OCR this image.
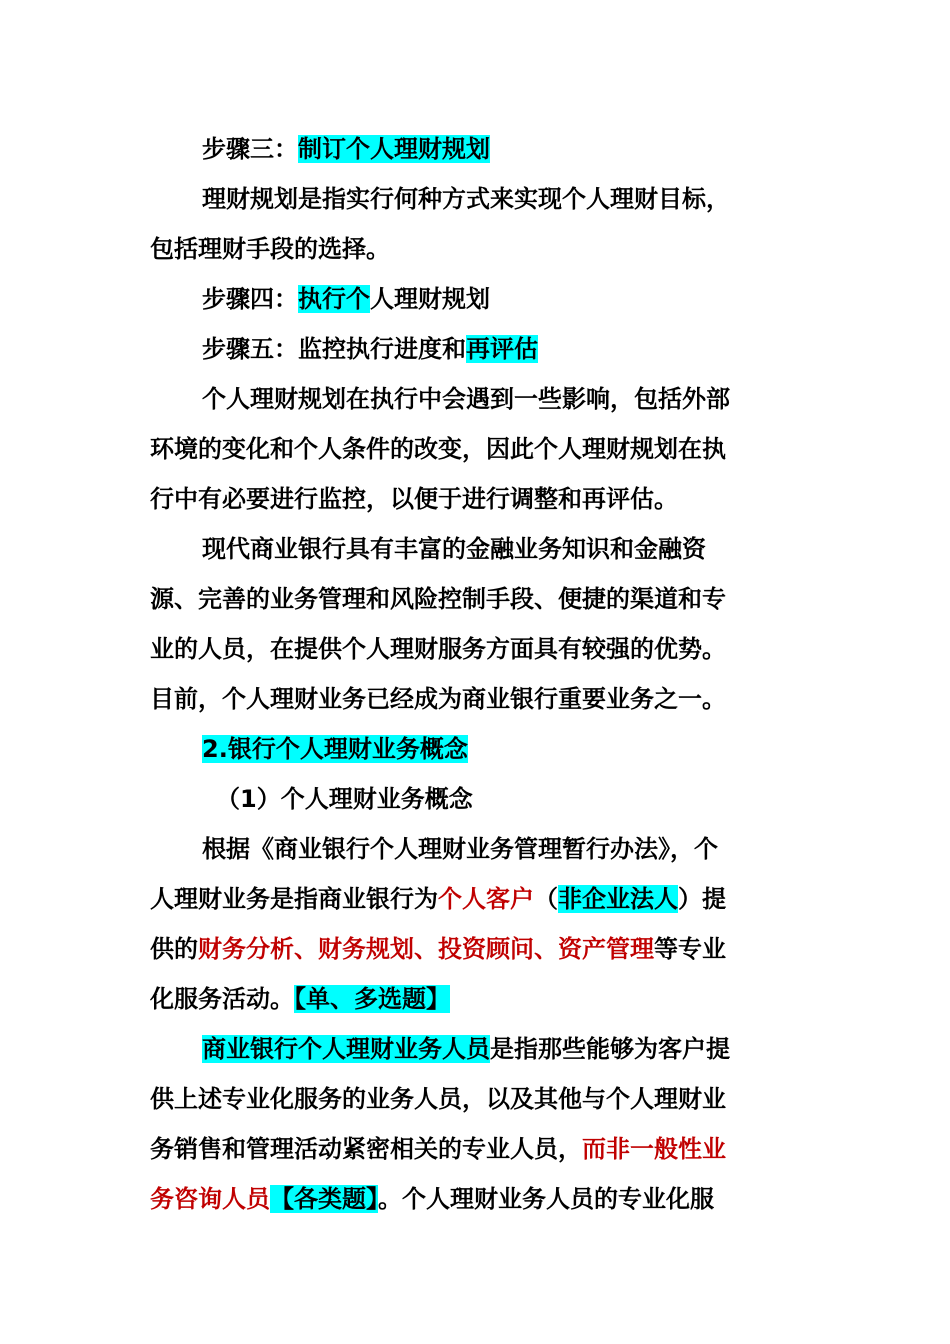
步骤三：制订个人理财规划
理财规划是指实行何种方式来实现个人理财目标，
包括理财手段的选择。
步骤四：执行个人理财规划
步骤五：监控执行进度和再评估
个人理财规划在执行中会遇到一些影响，包括外部
环境的变化和个人条件的改变，因此个人理财规划在执
行中有必要进行监控，以便于进行调整和再评估。
现代商业银行具有丰富的金融业务知识和金融资
源、完善的业务管理和风险控制手段、便捷的渠道和专
业的人员，在提供个人理财服务方面具有较强的优势。
目前，个人理财业务已经成为商业银行重要业务之一。
2.银行个人理财业务概念
（1）个人理财业务概念
根据《商业银行个人理财业务管理暂行办法》，个
人理财业务是指商业银行为个人客户（非企业法人）提
供的财务分析、财务规划、投资顾问、资产管理等专业
化服务活动。【单、多选题】
商业银行个人理财业务人员是指那些能够为客户提
供上述专业化服务的业务人员，以及其他与个人理财业
务销售和管理活动紧密相关的专业人员，而非一般性业
务咨询人员【各类题】。个人理财业务人员的专业化服
